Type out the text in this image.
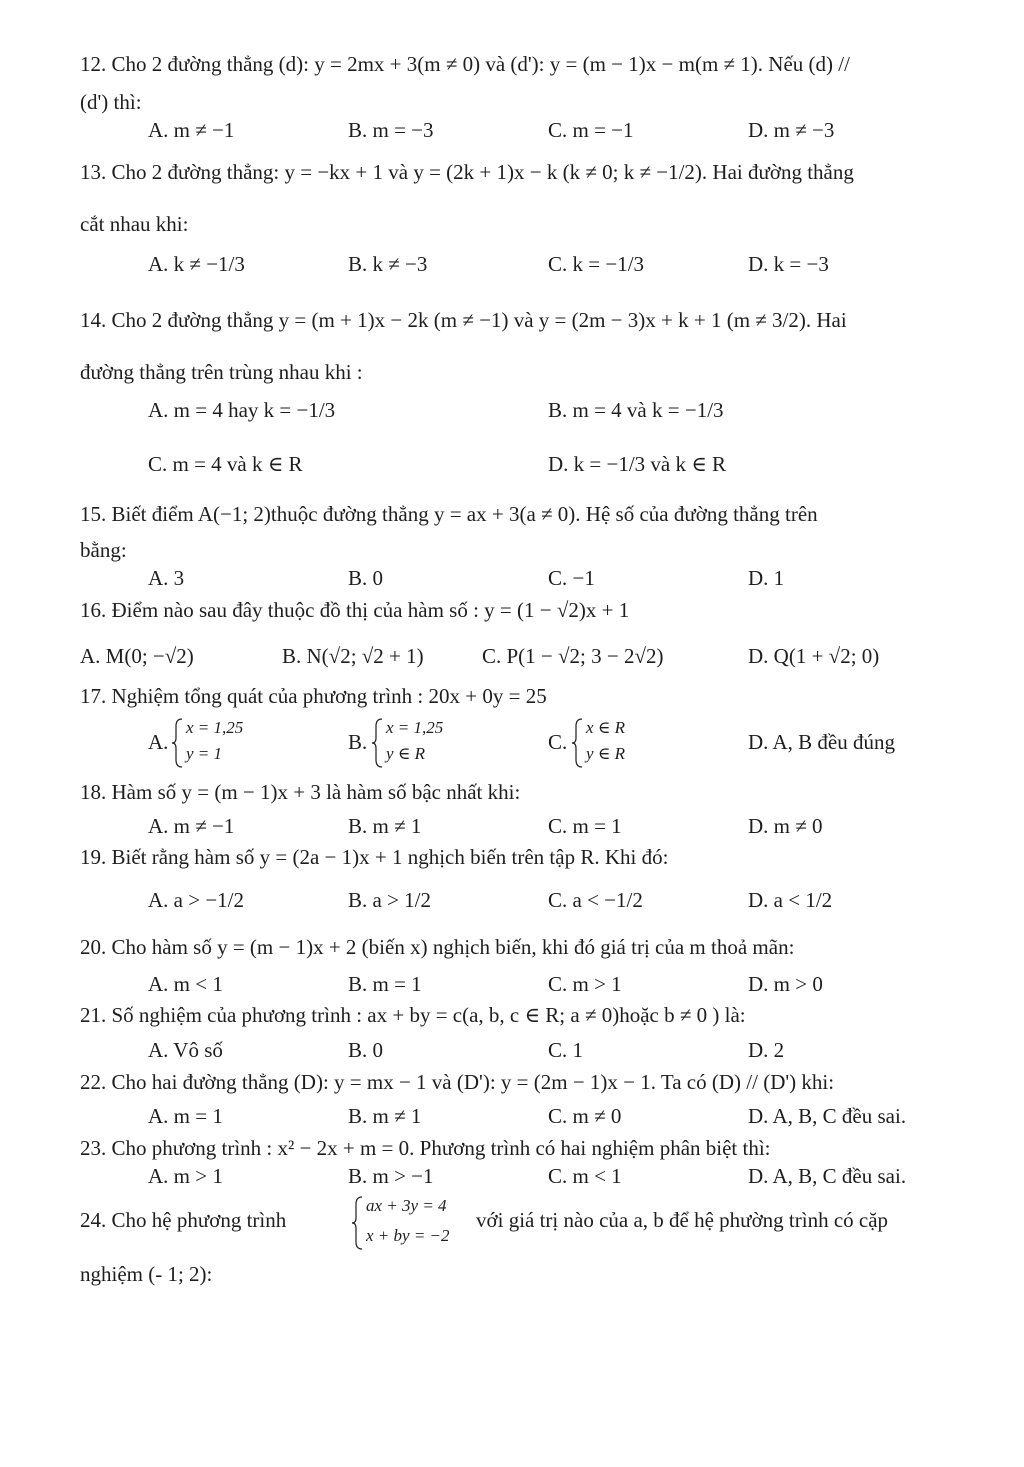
12. Cho 2 đường thẳng (d): y = 2mx + 3(m ≠ 0) và (d'): y = (m − 1)x − m(m ≠ 1). Nếu (d) //
(d') thì:
A. m ≠ −1	B. m = −3	C. m = −1	D. m ≠ −3
13. Cho 2 đường thẳng: y = −kx + 1 và y = (2k + 1)x − k (k ≠ 0; k ≠ −1/2). Hai đường thẳng
cắt nhau khi:
A. k ≠ −1/3	B. k ≠ −3	C. k = −1/3	D. k = −3
14. Cho 2 đường thẳng y = (m + 1)x − 2k (m ≠ −1) và y = (2m − 3)x + k + 1 (m ≠ 3/2). Hai
đường thẳng trên trùng nhau khi :
A. m = 4 hay k = −1/3	B. m = 4 và k = −1/3
C. m = 4 và k ∈ R	D. k = −1/3 và k ∈ R
15. Biết điểm A(−1; 2)thuộc đường thẳng y = ax + 3(a ≠ 0). Hệ số của đường thẳng trên
bằng:
A. 3	B. 0	C. −1	D. 1
16. Điểm nào sau đây thuộc đồ thị của hàm số : y = (1 − √2)x + 1
A. M(0; −√2)	B. N(√2; √2 + 1)	C. P(1 − √2; 3 − 2√2)	D. Q(1 + √2; 0)
17. Nghiệm tổng quát của phương trình : 20x + 0y = 25
A.
x = 1,25
y = 1	B.
x = 1,25
y ∈ R	C.
x ∈ R
y ∈ R	D. A, B đều đúng
18. Hàm số y = (m − 1)x + 3 là hàm số bậc nhất khi:
A. m ≠ −1	B. m ≠ 1	C. m = 1	D. m ≠ 0
19. Biết rằng hàm số y = (2a − 1)x + 1 nghịch biến trên tập R. Khi đó:
A. a > −1/2	B. a > 1/2	C. a < −1/2	D. a < 1/2
20. Cho hàm số y = (m − 1)x + 2 (biến x) nghịch biến, khi đó giá trị của m thoả mãn:
A. m < 1	B. m = 1	C. m > 1	D. m > 0
21. Số nghiệm của phương trình : ax + by = c(a, b, c ∈ R; a ≠ 0)hoặc b ≠ 0 ) là:
A. Vô số	B. 0	C. 1	D. 2
22. Cho hai đường thẳng (D): y = mx − 1 và (D'): y = (2m − 1)x − 1. Ta có (D) // (D') khi:
A. m = 1	B. m ≠ 1	C. m ≠ 0	D. A, B, C đều sai.
23. Cho phương trình : x² − 2x + m = 0. Phương trình có hai nghiệm phân biệt thì:
A. m > 1	B. m > −1	C. m < 1	D. A, B, C đều sai.
24. Cho hệ phương trình
ax + 3y = 4
x + by = −2
với giá trị nào của a, b để hệ phường trình có cặp
nghiệm (- 1; 2):
